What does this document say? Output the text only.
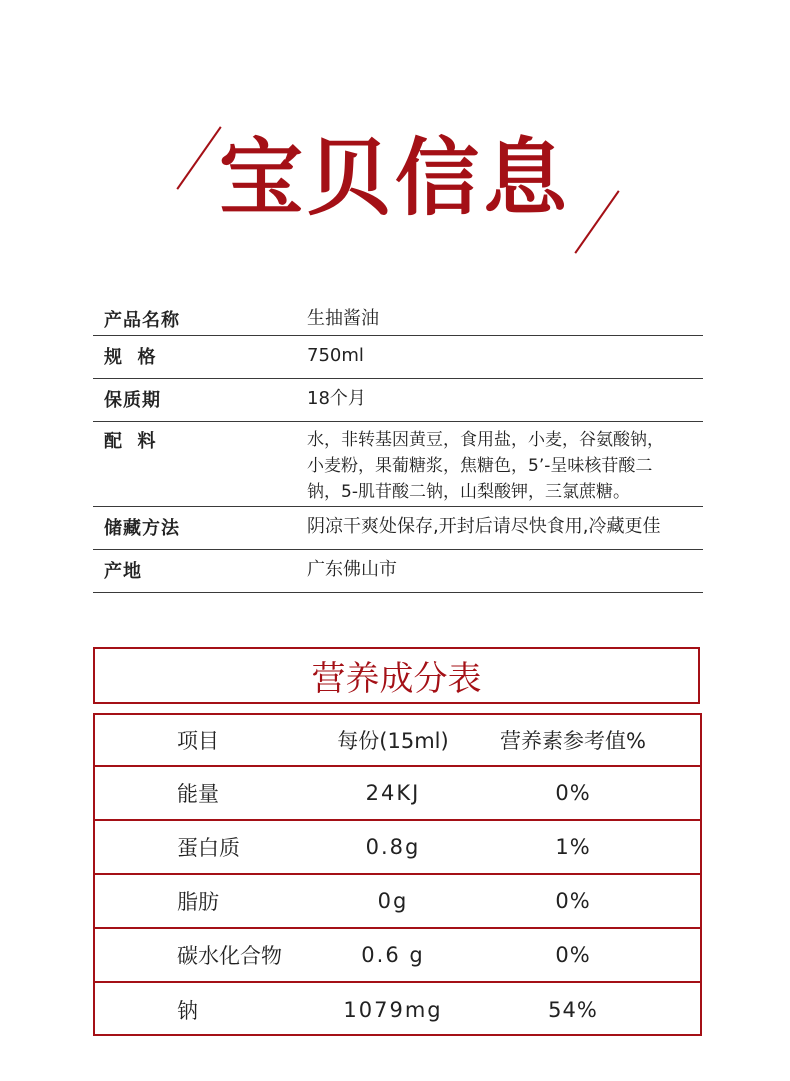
宝贝信息
产品名称	生抽酱油
规  格	750ml
保质期	18个月
配  料	水，非转基因黄豆，食用盐，小麦，谷氨酸钠，
小麦粉，果葡糖浆，焦糖色，5’-呈味核苷酸二
钠，5-肌苷酸二钠，山梨酸钾，三氯蔗糖。
储藏方法	阴凉干爽处保存,开封后请尽快食用,冷藏更佳
产地	广东佛山市
营养成分表
项目	每份(15ml)	营养素参考值%
能量	24KJ	0%
蛋白质	0.8g	1%
脂肪	0g	0%
碳水化合物	0.6 g	0%
钠	1079mg	54%
